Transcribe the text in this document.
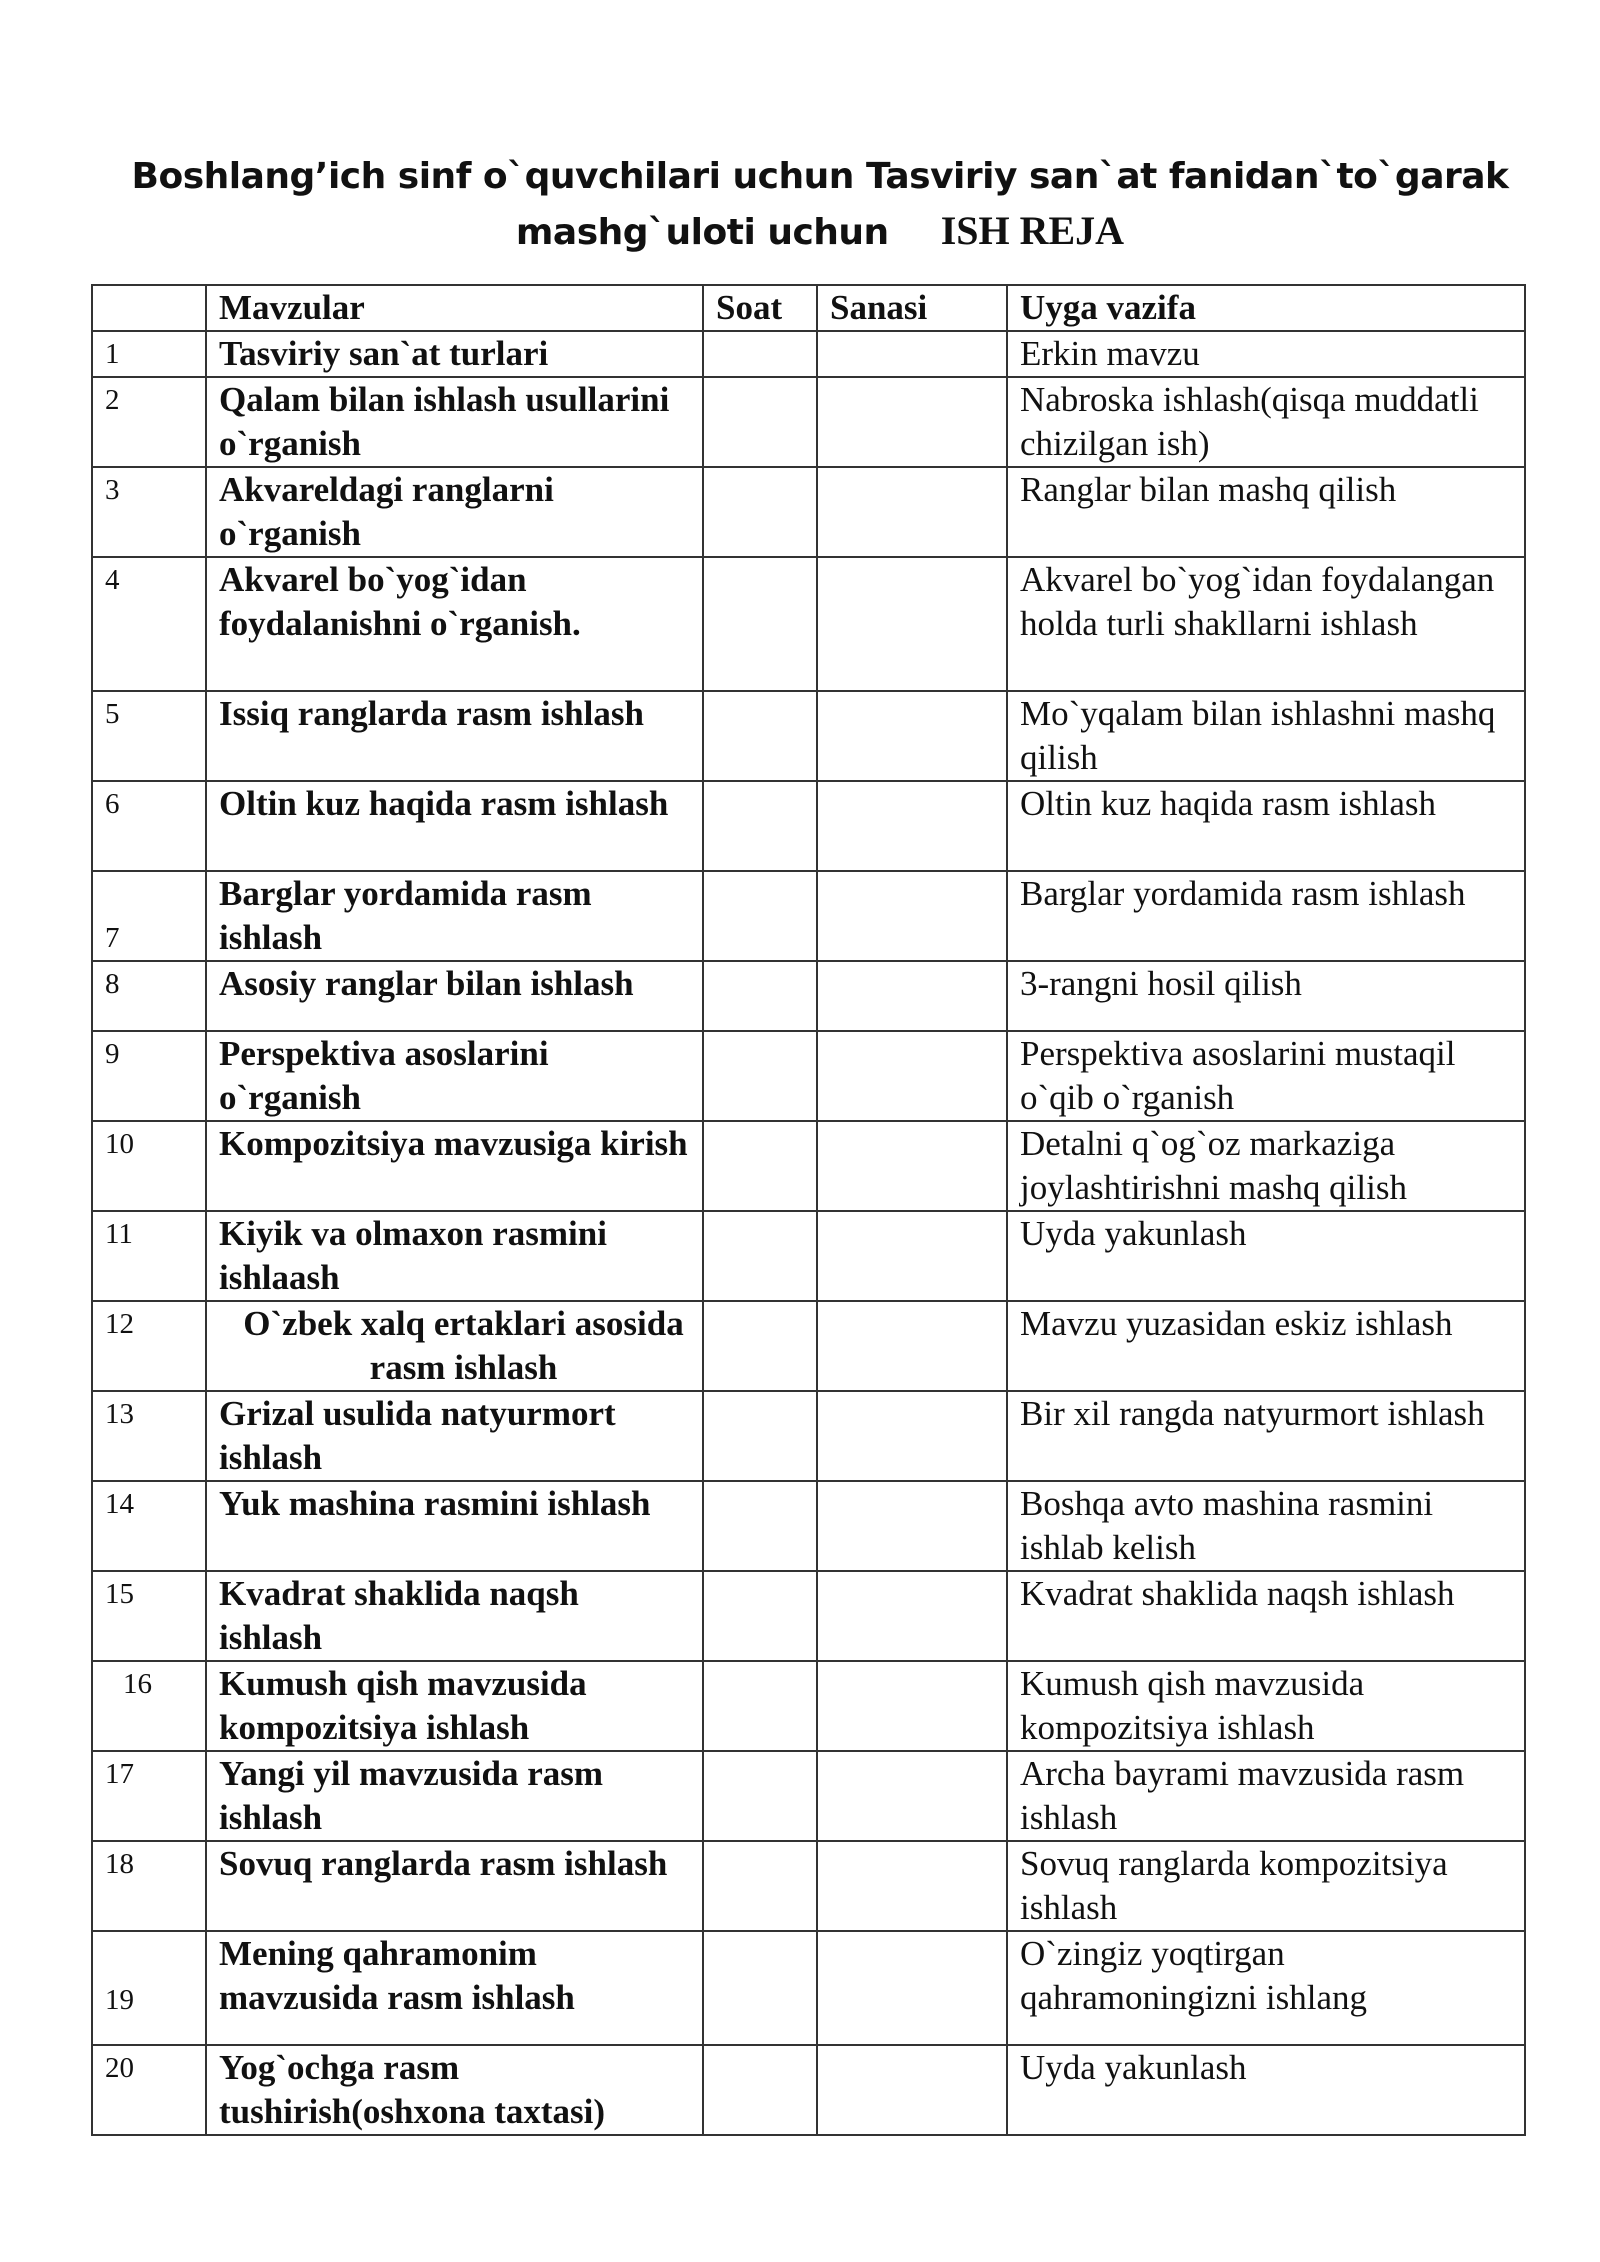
Boshlang’ich sinf o`quvchilari uchun Tasviriy san`at fanidan`to`garak
mashg`uloti uchun ISH REJA
	Mavzular	Soat	Sanasi	Uyga vazifa
1	Tasviriy san`at turlari			Erkin mavzu
2	Qalam bilan ishlash usullarini o`rganish			Nabroska ishlash(qisqa muddatli chizilgan ish)
3	Akvareldagi ranglarni o`rganish			Ranglar bilan mashq qilish
4	Akvarel bo`yog`idan foydalanishni o`rganish.			Akvarel bo`yog`idan foydalangan holda turli shakllarni ishlash
5	Issiq ranglarda rasm ishlash			Mo`yqalam bilan ishlashni mashq qilish
6	Oltin kuz haqida rasm ishlash			Oltin kuz haqida rasm ishlash
7	Barglar yordamida rasm ishlash			Barglar yordamida rasm ishlash
8	Asosiy ranglar bilan ishlash			3-rangni hosil qilish
9	Perspektiva asoslarini o`rganish			Perspektiva asoslarini mustaqil o`qib o`rganish
10	Kompozitsiya mavzusiga kirish			Detalni q`og`oz markaziga joylashtirishni mashq qilish
11	Kiyik va olmaxon rasmini ishlaash			Uyda yakunlash
12	O`zbek xalq ertaklari asosida rasm ishlash			Mavzu yuzasidan eskiz ishlash
13	Grizal usulida natyurmort ishlash			Bir xil rangda natyurmort ishlash
14	Yuk mashina rasmini ishlash			Boshqa avto mashina rasmini ishlab kelish
15	Kvadrat shaklida naqsh ishlash			Kvadrat shaklida naqsh ishlash
16	Kumush qish mavzusida kompozitsiya ishlash			Kumush qish mavzusida kompozitsiya ishlash
17	Yangi yil mavzusida rasm ishlash			Archa bayrami mavzusida rasm ishlash
18	Sovuq ranglarda rasm ishlash			Sovuq ranglarda kompozitsiya ishlash
19	Mening qahramonim mavzusida rasm ishlash			O`zingiz yoqtirgan qahramoningizni ishlang
20	Yog`ochga rasm tushirish(oshxona taxtasi)			Uyda yakunlash
